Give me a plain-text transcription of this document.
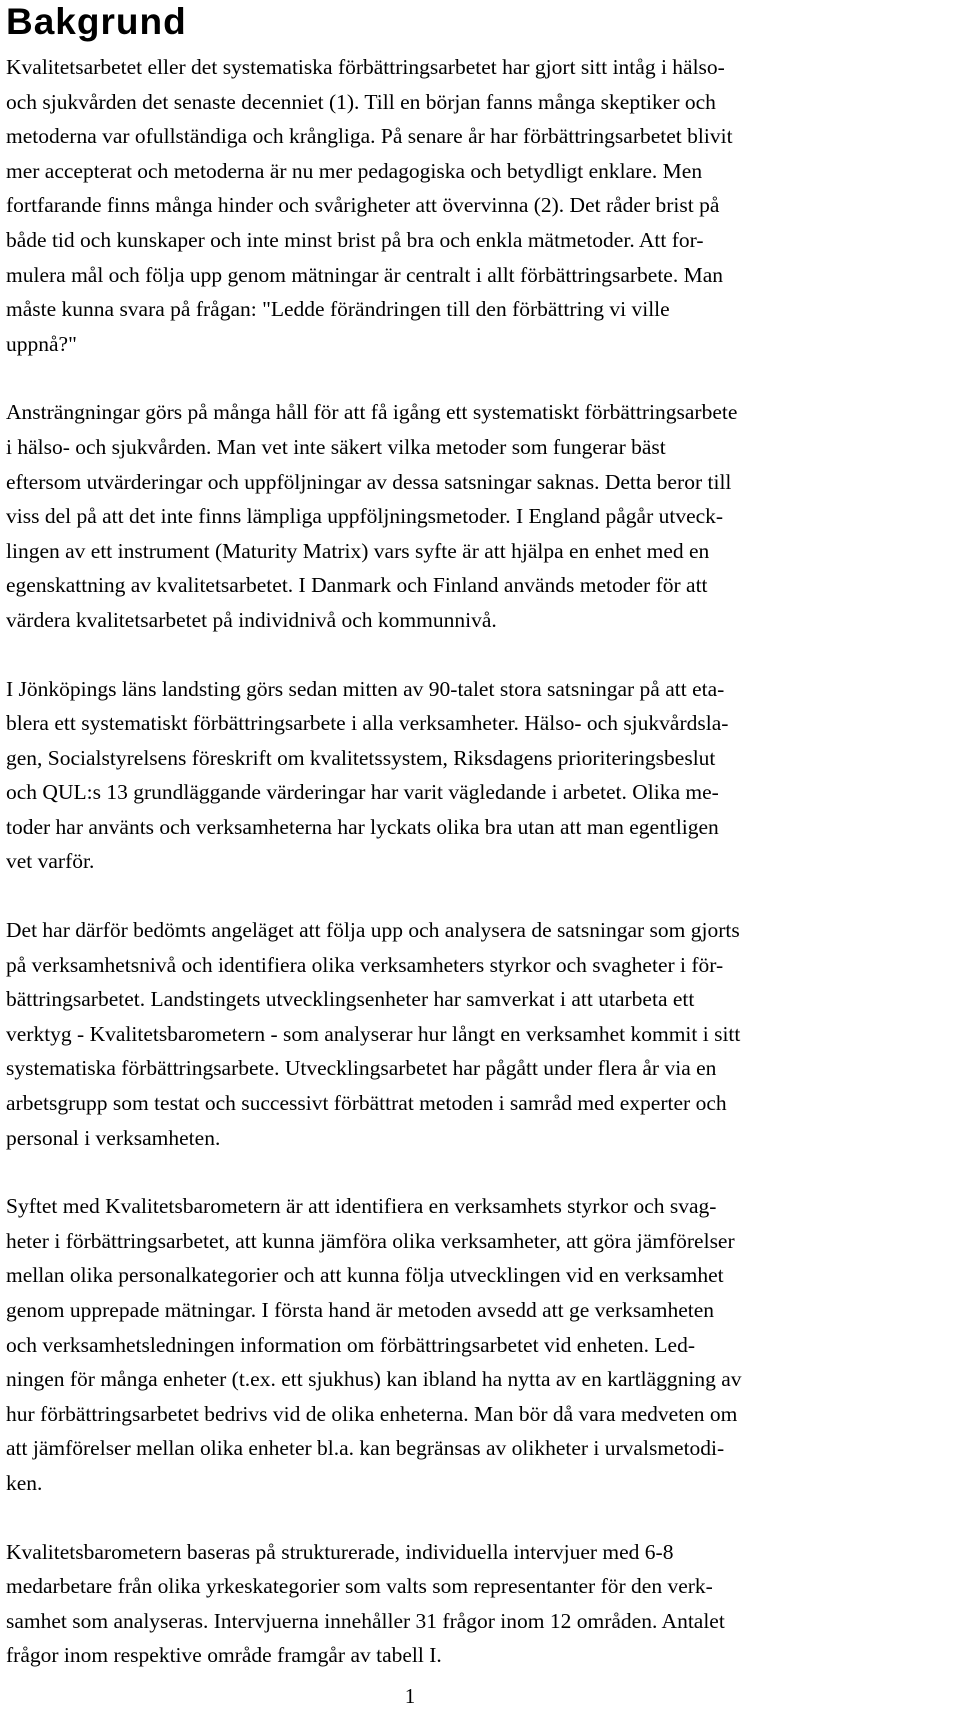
Bakgrund

Kvalitetsarbetet eller det systematiska förbättringsarbetet har gjort sitt intåg i hälso-
och sjukvården det senaste decenniet (1). Till en början fanns många skeptiker och
metoderna var ofullständiga och krångliga. På senare år har förbättringsarbetet blivit
mer accepterat och metoderna är nu mer pedagogiska och betydligt enklare. Men
fortfarande finns många hinder och svårigheter att övervinna (2). Det råder brist på
både tid och kunskaper och inte minst brist på bra och enkla mätmetoder. Att for-
mulera mål och följa upp genom mätningar är centralt i allt förbättringsarbete. Man
måste kunna svara på frågan: "Ledde förändringen till den förbättring vi ville
uppnå?"

Ansträngningar görs på många håll för att få igång ett systematiskt förbättringsarbete
i hälso- och sjukvården. Man vet inte säkert vilka metoder som fungerar bäst
eftersom utvärderingar och uppföljningar av dessa satsningar saknas. Detta beror till
viss del på att det inte finns lämpliga uppföljningsmetoder. I England pågår utveck-
lingen av ett instrument (Maturity Matrix) vars syfte är att hjälpa en enhet med en
egenskattning av kvalitetsarbetet. I Danmark och Finland används metoder för att
värdera kvalitetsarbetet på individnivå och kommunnivå.

I Jönköpings läns landsting görs sedan mitten av 90-talet stora satsningar på att eta-
blera ett systematiskt förbättringsarbete i alla verksamheter. Hälso- och sjukvårdsla-
gen, Socialstyrelsens föreskrift om kvalitetssystem, Riksdagens prioriteringsbeslut
och QUL:s 13 grundläggande värderingar har varit vägledande i arbetet. Olika me-
toder har använts och verksamheterna har lyckats olika bra utan att man egentligen
vet varför.

Det har därför bedömts angeläget att följa upp och analysera de satsningar som gjorts
på verksamhetsnivå och identifiera olika verksamheters styrkor och svagheter i för-
bättringsarbetet. Landstingets utvecklingsenheter har samverkat i att utarbeta ett
verktyg - Kvalitetsbarometern - som analyserar hur långt en verksamhet kommit i sitt
systematiska förbättringsarbete. Utvecklingsarbetet har pågått under flera år via en
arbetsgrupp som testat och successivt förbättrat metoden i samråd med experter och
personal i verksamheten.

Syftet med Kvalitetsbarometern är att identifiera en verksamhets styrkor och svag-
heter i förbättringsarbetet, att kunna jämföra olika verksamheter, att göra jämförelser
mellan olika personalkategorier och att kunna följa utvecklingen vid en verksamhet
genom upprepade mätningar. I första hand är metoden avsedd att ge verksamheten
och verksamhetsledningen information om förbättringsarbetet vid enheten. Led-
ningen för många enheter (t.ex. ett sjukhus) kan ibland ha nytta av en kartläggning av
hur förbättringsarbetet bedrivs vid de olika enheterna. Man bör då vara medveten om
att jämförelser mellan olika enheter bl.a. kan begränsas av olikheter i urvalsmetodi-
ken.

Kvalitetsbarometern baseras på strukturerade, individuella intervjuer med 6-8
medarbetare från olika yrkeskategorier som valts som representanter för den verk-
samhet som analyseras. Intervjuerna innehåller 31 frågor inom 12 områden. Antalet
frågor inom respektive område framgår av tabell I.

1
